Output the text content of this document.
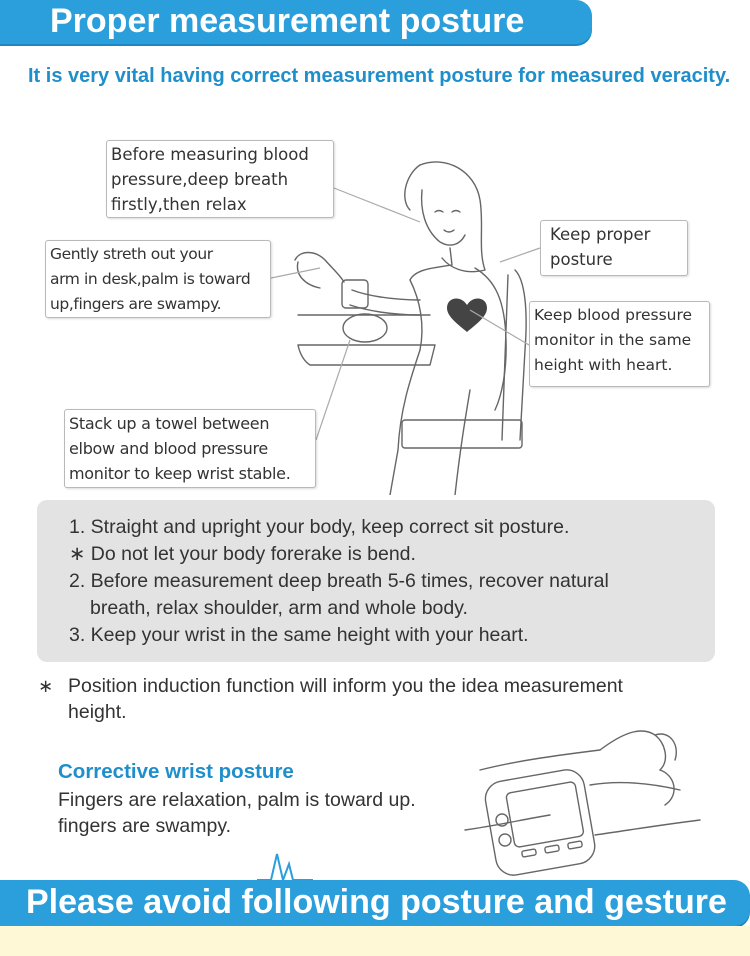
Proper measurement posture
It is very vital having correct measurement posture for measured veracity.
Before measuring blood
pressure,deep breath
firstly,then relax
Gently streth out your
arm in desk,palm is toward
up,fingers are swampy.
Keep proper
posture
Keep blood pressure
monitor in the same
height with heart.
Stack up a towel between
elbow and blood pressure
monitor to keep wrist stable.
1. Straight and upright your body, keep correct sit posture.
∗ Do not let your body forerake is bend.
2. Before measurement deep breath 5-6 times, recover natural
breath, relax shoulder, arm and whole body.
3. Keep your wrist in the same height with your heart.
∗ Position induction function will inform you the idea measurement
height.
Corrective wrist posture
Fingers are relaxation, palm is toward up.
fingers are swampy.
Please avoid following posture and gesture
